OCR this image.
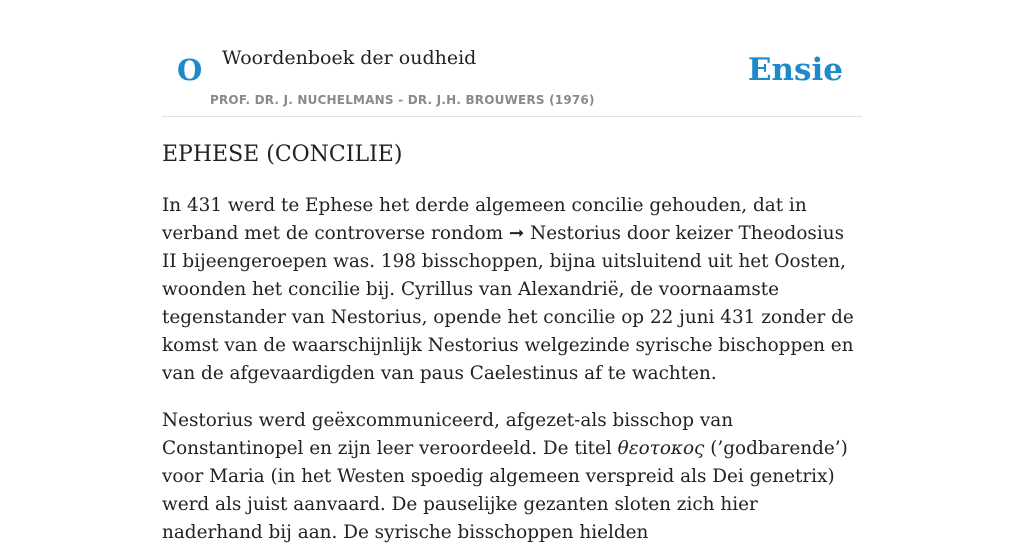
O Woordenboek der oudheid
PROF. DR. J. NUCHELMANS - DR. J.H. BROUWERS (1976)
Ensie
EPHESE (CONCILIE)

In 431 werd te Ephese het derde algemeen concilie gehouden, dat in verband met de controverse rondom ➞ Nestorius door keizer Theodosius II bijeengeroepen was. 198 bisschoppen, bijna uitsluitend uit het Oosten, woonden het concilie bij. Cyrillus van Alexandrië, de voornaamste tegenstander van Nestorius, opende het concilie op 22 juni 431 zonder de komst van de waarschijnlijk Nestorius welgezinde syrische bischoppen en van de afgevaardigden van paus Caelestinus af te wachten.

Nestorius werd geëxcommuniceerd, afgezet-als bisschop van Constantinopel en zijn leer veroordeeld. De titel θεοτοκος (’godbarende’) voor Maria (in het Westen spoedig algemeen verspreid als Dei genetrix) werd als juist aanvaard. De pauselijke gezanten sloten zich hier naderhand bij aan. De syrische bisschoppen hielden
